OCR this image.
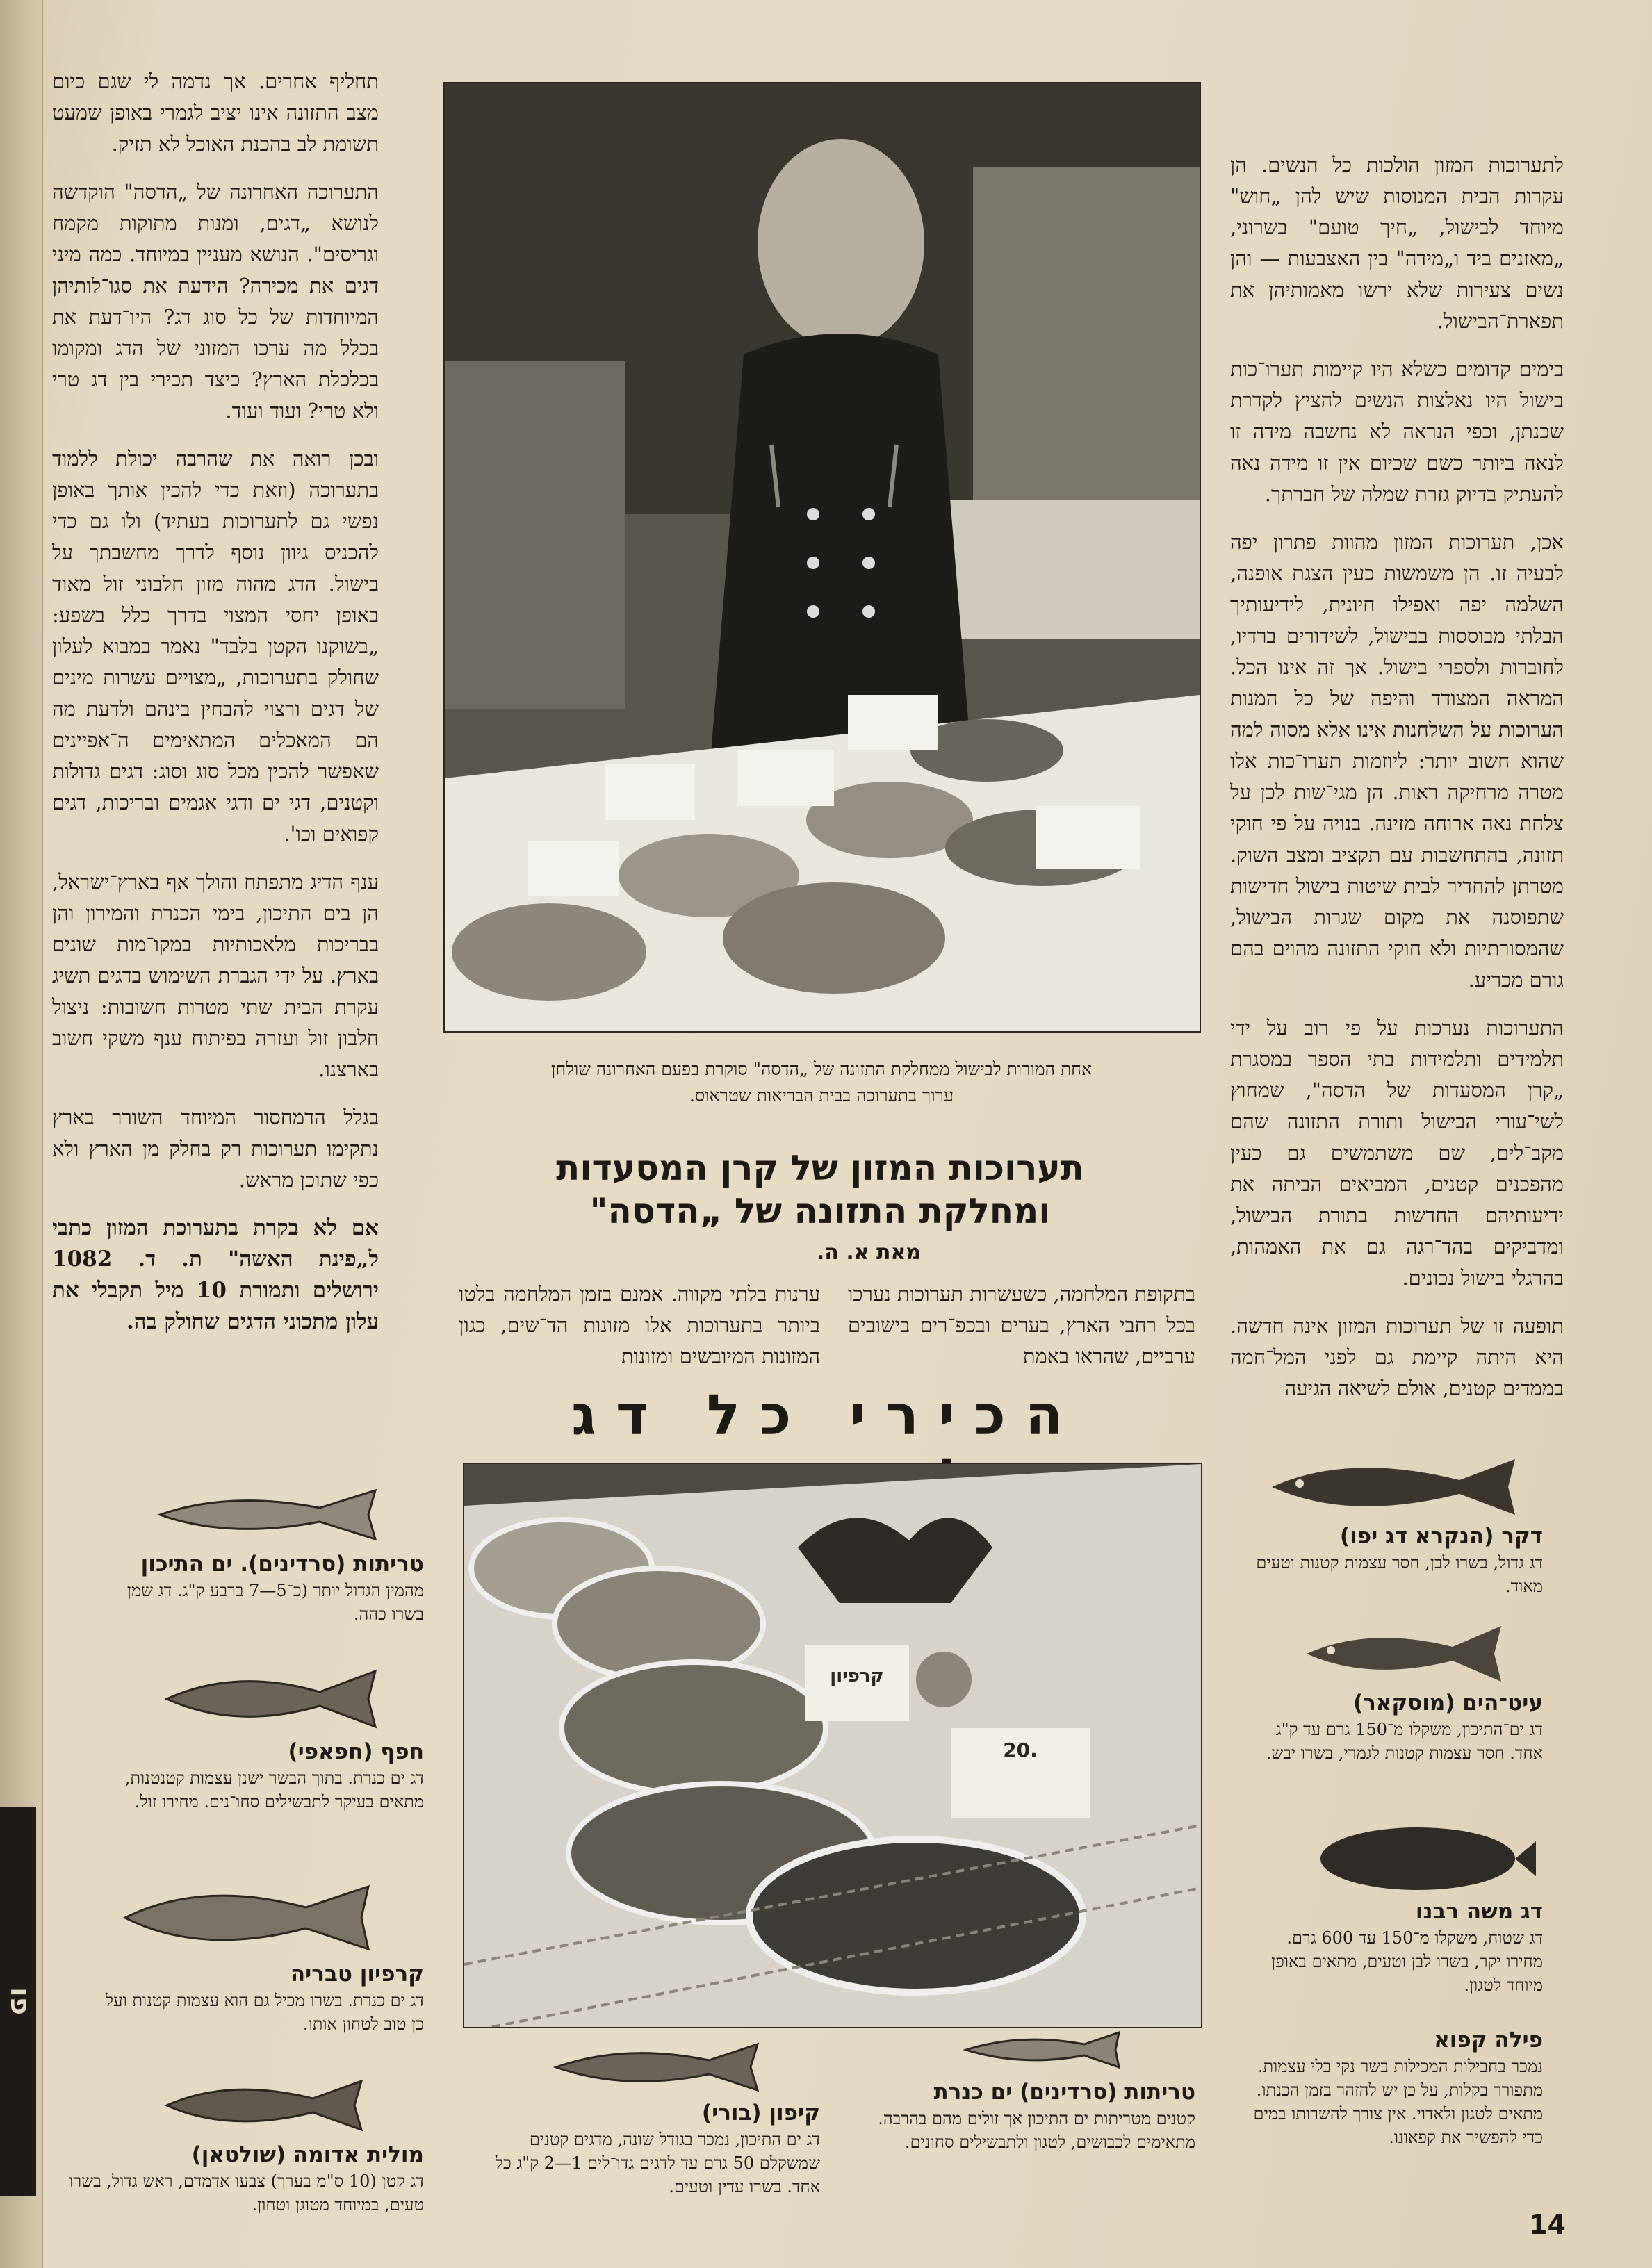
פו

תחליף אחרים. אך נדמה לי שגם כיום מצב התזונה אינו יציב לגמרי באופן שמעט תשומת לב בהכנת האוכל לא תזיק.

התערוכה האחרונה של „הדסה" הוקדשה לנושא „דגים, ומנות מתוקות מקמח וגריסים". הנושא מעניין במיוחד. כמה מיני דגים את מכירה? הידעת את סגו־לותיהן המיוחדות של כל סוג דג? היו־דעת את בכלל מה ערכו המזוני של הדג ומקומו בכלכלת הארץ? כיצד תכירי בין דג טרי ולא טרי? ועוד ועוד.

ובכן רואה את שהרבה יכולת ללמוד בתערוכה (וזאת כדי להכין אותך באופן נפשי גם לתערוכות בעתיד) ולו גם כדי להכניס גיוון נוסף לדרך מחשבתך על בישול. הדג מהוה מזון חלבוני זול מאוד באופן יחסי המצוי בדרך כלל בשפע: „בשוקנו הקטן בלבד" נאמר במבוא לעלון שחולק בתערוכות, „מצויים עשרות מינים של דגים ורצוי להבחין בינהם ולדעת מה הם המאכלים המתאימים ה־אפיינים שאפשר להכין מכל סוג וסוג: דגים גדולות וקטנים, דגי ים ודגי אגמים ובריכות, דגים קפואים וכו'.

ענף הדיג מתפתח והולך אף בארץ־ישראל, הן בים התיכון, בימי הכנרת והמירון והן בבריכות מלאכותיות במקו־מות שונים בארץ. על ידי הגברת השימוש בדגים תשיג עקרת הבית שתי מטרות חשובות: ניצול חלבון זול ועזרה בפיתוח ענף משקי חשוב בארצנו.

בגלל הדמחסור המיוחד השורר בארץ נתקימו תערוכות רק בחלק מן הארץ ולא כפי שתוכן מראש.

אם לא בקרת בתערוכת המזון כתבי ל„פינת האשה" ת. ד. 1082 ירושלים ותמורת 10 מיל תקבלי את עלון מתכוני הדגים שחולק בה.

אחת המורות לבישול ממחלקת התזונה של „הדסה" סוקרת בפעם האחרונה שולחן
ערוך בתערוכה בבית הבריאות שטראוס.
תערוכות המזון של קרן המסעדות
ומחלקת התזונה של „הדסה"
מאת א. ה.

לתערוכות המזון הולכות כל הנשים. הן עקרות הבית המנוסות שיש להן „חוש" מיוחד לבישול, „חיך טועם" בשרוני, „מאזנים ביד ו„מידה" בין האצבעות — והן נשים צעירות שלא ירשו מאמותיהן את תפארת־הבישול.

בימים קדומים כשלא היו קיימות תערו־כות בישול היו נאלצות הנשים להציץ לקדרת שכנתן, וכפי הנראה לא נחשבה מידה זו לנאה ביותר כשם שכיום אין זו מידה נאה להעתיק בדיוק גזרת שמלה של חברתך.

אכן, תערוכות המזון מהוות פתרון יפה לבעיה זו. הן משמשות כעין הצגת אופנה, השלמה יפה ואפילו חיונית, לידיעותיך הבלתי מבוססות בבישול, לשידורים ברדיו, לחוברות ולספרי בישול. אך זה אינו הכל. המראה המצודד והיפה של כל המנות הערוכות על השלחנות אינו אלא מסוה למה שהוא חשוב יותר: ליוזמות תערו־כות אלו מטרה מרחיקה ראות. הן מגי־שות לכן על צלחת נאה ארוחה מזינה. בנויה על פי חוקי תזונה, בהתחשבות עם תקציב ומצב השוק. מטרתן להחדיר לבית שיטות בישול חדישות שתפוסנה את מקום שגרות הבישול, שהמסורתיות ולא חוקי התזונה מהוים בהם גורם מכריע.

התערוכות נערכות על פי רוב על ידי תלמידים ותלמידות בתי הספר במסגרת „קרן המסעדות של הדסה", שמחוץ לשי־עורי הבישול ותורת התזונה שהם מקב־לים, שם משתמשים גם כעין מהפכנים קטנים, המביאים הביתה את ידיעותיהם החדשות בתורת הבישול, ומדביקים בהד־רגה גם את האמהות, בהרגלי בישול נכונים.

תופעה זו של תערוכות המזון אינה חדשה. היא היתה קיימת גם לפני המל־חמה בממדים קטנים, אולם לשיאה הגיעה

בתקופת המלחמה, כשעשרות תערוכות נערכו בכל רחבי הארץ, בערים ובכפ־רים בישובים ערביים, שהראו באמת

ערנות בלתי מקווה. אמנם בזמן המלחמה בלטו ביותר בתערוכות אלו מזונות הד־שים, כגון המזונות המיובשים ומזונות

הכירי כל דג
קרפיון
20.
דקר (הנקרא דג יפו)
דג גדול, בשרו לבן, חסר עצמות קטנות וטעים מאוד.
עיט־הים (מוסקאר)
דג ים־התיכון, משקלו מ־150 גרם עד ק"ג אחד. חסר עצמות קטנות לגמרי, בשרו יבש.
דג משה רבנו
דג שטוח, משקלו מ־150 עד 600 גרם. מחירו יקר, בשרו לבן וטעים, מתאים באופן מיוחד לטגון.
פילה קפוא
נמכר בחבילות המכילות בשר נקי בלי עצמות. מתפורר בקלות, על כן יש להזהר בזמן הכנתו. מתאים לטגון ולאדוי. אין צורך להשרותו במים כדי להפשיר את קפאונו.
טריתות (סרדינים). ים התיכון
מהמין הגדול יותר (כ־5—7 ברבע ק"ג. דג שמן בשרו כהה.
חפף (חפאפי)
דג ים כנרת. בתוך הבשר ישנן עצמות קטנטנות, מתאים בעיקר לתבשילים סחו־נים. מחירו זול.
קרפיון טבריה
דג ים כנרת. בשרו מכיל גם הוא עצמות קטנות ועל כן טוב לטחון אותו.
מולית אדומה (שולטאן)
דג קטן (10 ס"מ בערך) צבעו אדמדם, ראש גדול, בשרו טעים, במיוחד מטוגן וטחון.
קיפון (בורי)
דג ים התיכון, נמכר בגודל שונה, מדגים קטנים שמשקלם 50 גרם עד לדגים גדו־לים 1—2 ק"ג כל אחד. בשרו עדין וטעים.
טריתות (סרדינים) ים כנרת
קטנים מטריתות ים התיכון אך זולים מהם בהרבה. מתאימים לכבושים, לטגון ולתבשילים סחונים.
14
